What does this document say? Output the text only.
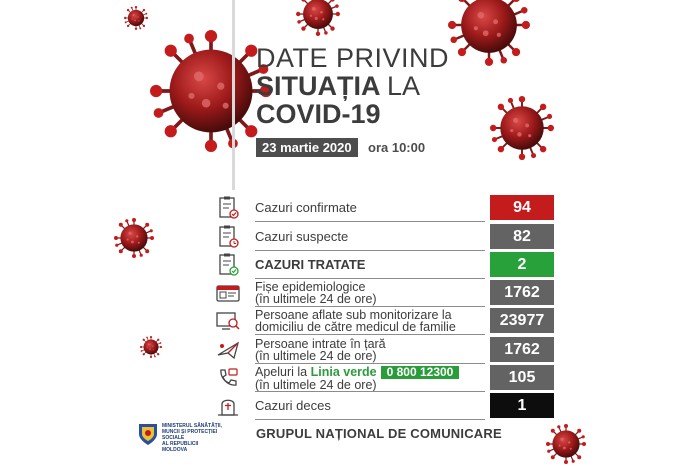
DATE PRIVIND
SITUAȚIA LA
COVID-19
23 martie 2020	ora 10:00
Cazuri confirmate	94
Cazuri suspecte	82
CAZURI TRATATE	2
Fișe epidemiologice
(în ultimele 24 de ore)	1762
Persoane aflate sub monitorizare la
domiciliu de către medicul de familie	23977
Persoane intrate în țară
(în ultimele 24 de ore)	1762
Apeluri la Linia verde 0 800 12300
(în ultimele 24 de ore)	105
Cazuri deces	1
MINISTERUL SĂNĂTĂȚII,
MUNCII ȘI PROTECȚIEI SOCIALE
AL REPUBLICII MOLDOVA
GRUPUL NAȚIONAL DE COMUNICARE
